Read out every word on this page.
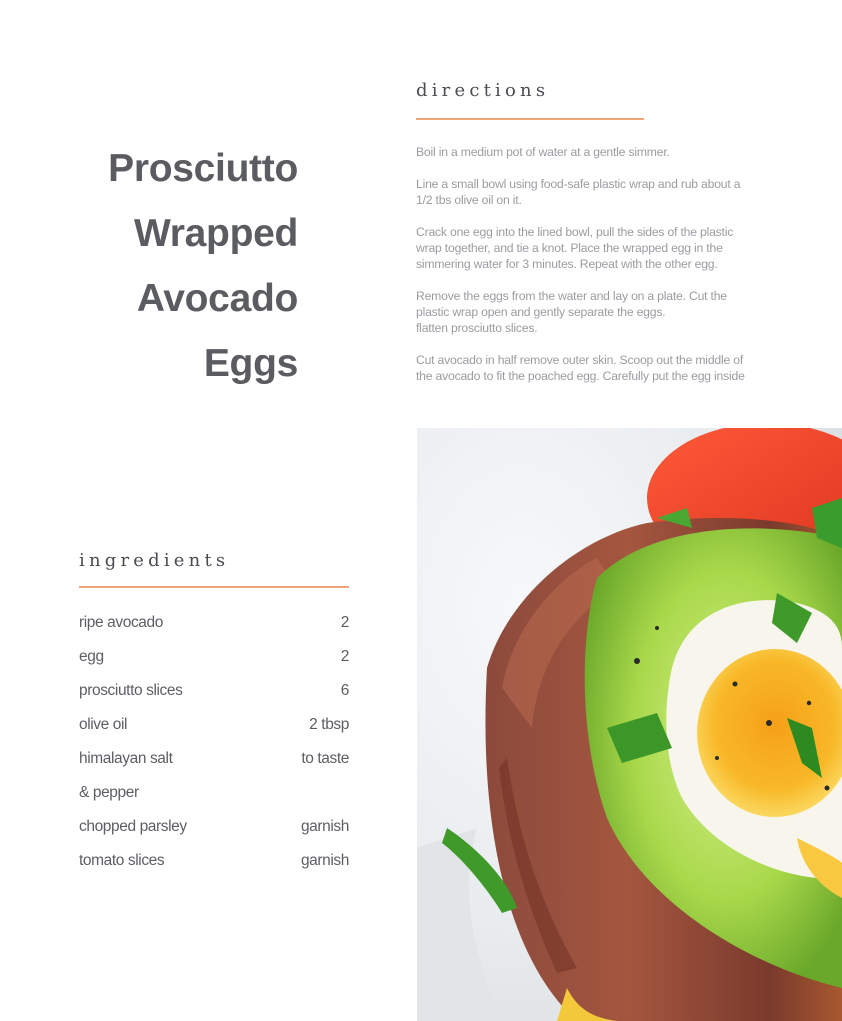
Prosciutto
Wrapped
Avocado
Eggs
directions

Boil in a medium pot of water at a gentle simmer.

Line a small bowl using food-safe plastic wrap and rub about a
1/2 tbs olive oil on it.

Crack one egg into the lined bowl, pull the sides of the plastic
wrap together, and tie a knot. Place the wrapped egg in the
simmering water for 3 minutes. Repeat with the other egg.

Remove the eggs from the water and lay on a plate. Cut the
plastic wrap open and gently separate the eggs.
flatten prosciutto slices.

Cut avocado in half remove outer skin. Scoop out the middle of
the avocado to fit the poached egg. Carefully put the egg inside

ingredients
ripe avocado	2
egg	2
prosciutto slices	6
olive oil	2 tbsp
himalayan salt	to taste
& pepper
chopped parsley	garnish
tomato slices	garnish
